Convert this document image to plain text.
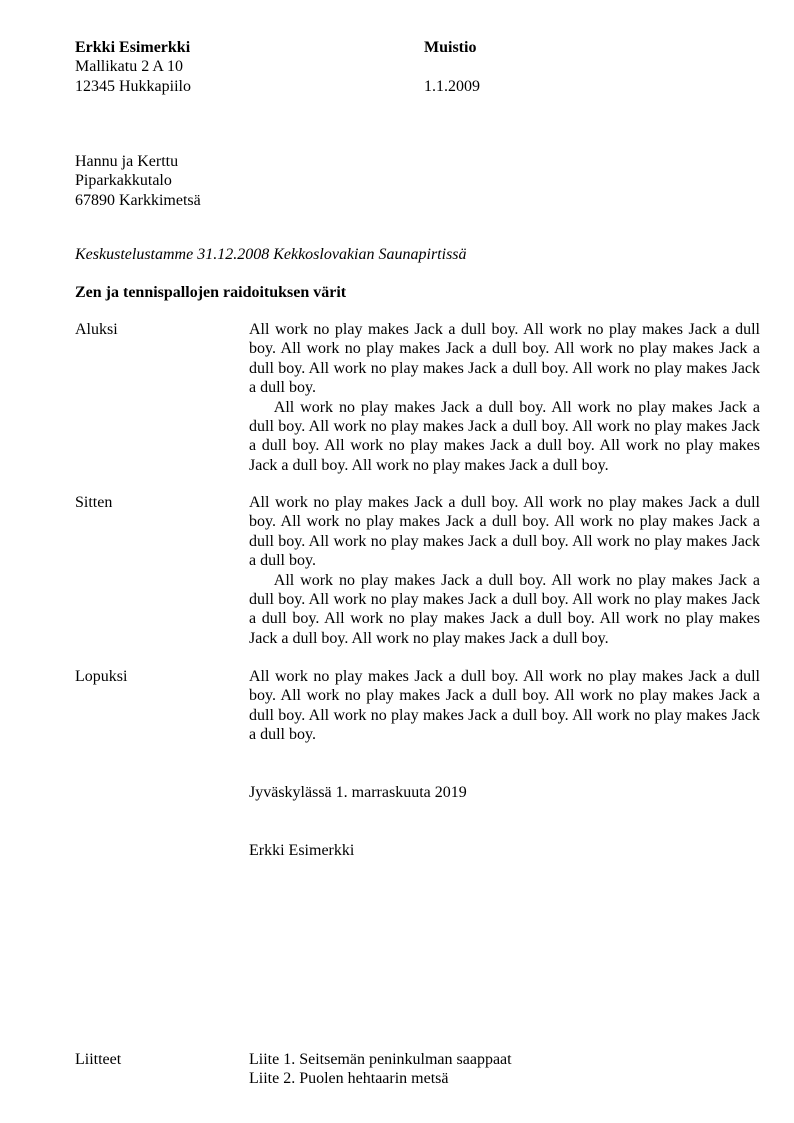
Erkki Esimerkki
Mallikatu 2 A 10
12345 Hukkapiilo
Muistio
1.1.2009
Hannu ja Kerttu
Piparkakkutalo
67890 Karkkimetsä
Keskustelustamme 31.12.2008 Kekkoslovakian Saunapirtissä
Zen ja tennispallojen raidoituksen värit
Aluksi	All work no play makes Jack a dull boy. All work no play makes Jack a dull boy. All work no play makes Jack a dull boy. All work no play makes Jack a dull boy. All work no play makes Jack a dull boy. All work no play makes Jack a dull boy.

All work no play makes Jack a dull boy. All work no play makes Jack a dull boy. All work no play makes Jack a dull boy. All work no play makes Jack a dull boy. All work no play makes Jack a dull boy. All work no play makes Jack a dull boy. All work no play makes Jack a dull boy.

Sitten	All work no play makes Jack a dull boy. All work no play makes Jack a dull boy. All work no play makes Jack a dull boy. All work no play makes Jack a dull boy. All work no play makes Jack a dull boy. All work no play makes Jack a dull boy.

All work no play makes Jack a dull boy. All work no play makes Jack a dull boy. All work no play makes Jack a dull boy. All work no play makes Jack a dull boy. All work no play makes Jack a dull boy. All work no play makes Jack a dull boy. All work no play makes Jack a dull boy.

Lopuksi	All work no play makes Jack a dull boy. All work no play makes Jack a dull boy. All work no play makes Jack a dull boy. All work no play makes Jack a dull boy. All work no play makes Jack a dull boy. All work no play makes Jack a dull boy.

Jyväskylässä 1. marraskuuta 2019
Erkki Esimerkki
Liitteet	Liite 1. Seitsemän peninkulman saappaat
Liite 2. Puolen hehtaarin metsä
